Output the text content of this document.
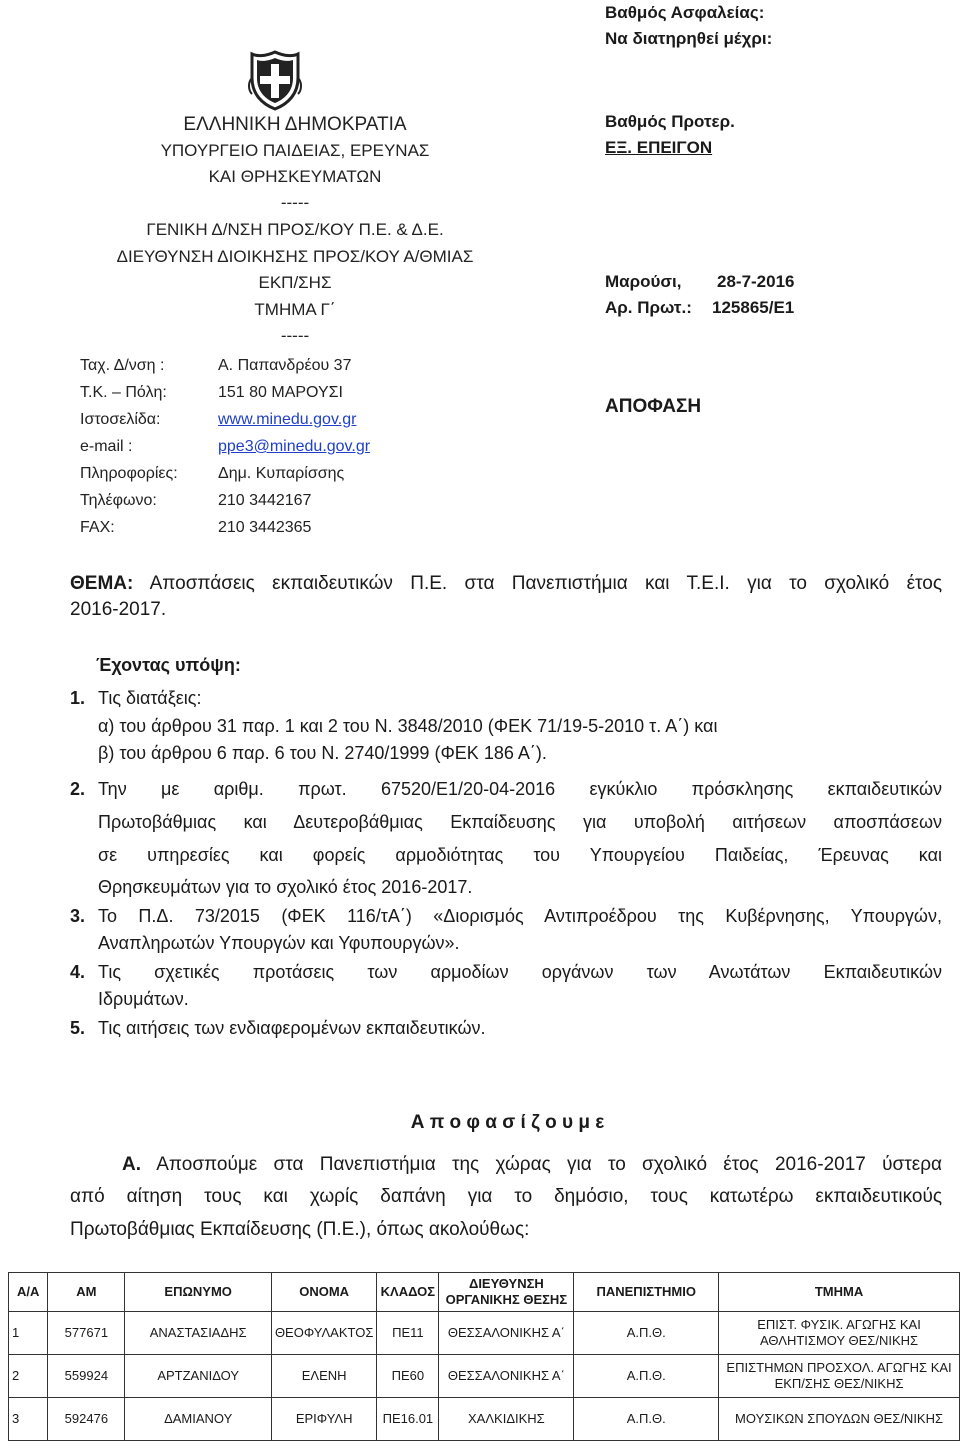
Βαθμός Ασφαλείας:
Να διατηρηθεί μέχρι:
ΕΛΛΗΝΙΚΗ ΔΗΜΟΚΡΑΤΙΑ
ΥΠΟΥΡΓΕΙΟ ΠΑΙΔΕΙΑΣ, ΕΡΕΥΝΑΣ
ΚΑΙ ΘΡΗΣΚΕΥΜΑΤΩΝ
-----
ΓΕΝΙΚΗ Δ/ΝΣΗ ΠΡΟΣ/ΚΟΥ Π.Ε. & Δ.Ε.
ΔΙΕΥΘΥΝΣΗ ΔΙΟΙΚΗΣΗΣ ΠΡΟΣ/ΚΟΥ Α/ΘΜΙΑΣ
ΕΚΠ/ΣΗΣ
ΤΜΗΜΑ Γ΄
-----
Ταχ. Δ/νση :	Α. Παπανδρέου 37
Τ.Κ. – Πόλη:	151 80 ΜΑΡΟΥΣΙ
Ιστοσελίδα:	www.minedu.gov.gr
e-mail :	ppe3@minedu.gov.gr
Πληροφορίες:	Δημ. Κυπαρίσσης
Τηλέφωνο:	210 3442167
FAX:	210 3442365
Βαθμός Προτερ.
ΕΞ. ΕΠΕΙΓΟΝ
Μαρούσι, 28-7-2016
Αρ. Πρωτ.: 125865/Ε1
ΑΠΟΦΑΣΗ
ΘΕΜΑ: Αποσπάσεις εκπαιδευτικών Π.Ε. στα Πανεπιστήμια και Τ.Ε.Ι. για το σχολικό έτος
2016-2017.
Έχοντας υπόψη:
1. Τις διατάξεις:
α) του άρθρου 31 παρ. 1 και 2 του Ν. 3848/2010 (ΦΕΚ 71/19-5-2010 τ. Α΄) και
β) του άρθρου 6 παρ. 6 του Ν. 2740/1999 (ΦΕΚ 186 Α΄).
2. Την με αριθμ. πρωτ. 67520/Ε1/20-04-2016 εγκύκλιο πρόσκλησης εκπαιδευτικών
Πρωτοβάθμιας και Δευτεροβάθμιας Εκπαίδευσης για υποβολή αιτήσεων αποσπάσεων
σε υπηρεσίες και φορείς αρμοδιότητας του Υπουργείου Παιδείας, Έρευνας και
Θρησκευμάτων για το σχολικό έτος 2016-2017.
3. Το Π.Δ. 73/2015 (ΦΕΚ 116/τΑ΄) «Διορισμός Αντιπροέδρου της Κυβέρνησης, Υπουργών,
Αναπληρωτών Υπουργών και Υφυπουργών».
4. Τις σχετικές προτάσεις των αρμοδίων οργάνων των Ανωτάτων Εκπαιδευτικών
Ιδρυμάτων.
5. Τις αιτήσεις των ενδιαφερομένων εκπαιδευτικών.
Α π ο φ α σ ί ζ ο υ μ ε
Α. Αποσπούμε στα Πανεπιστήμια της χώρας για το σχολικό έτος 2016-2017 ύστερα
από αίτηση τους και χωρίς δαπάνη για το δημόσιο, τους κατωτέρω εκπαιδευτικούς
Πρωτοβάθμιας Εκπαίδευσης (Π.Ε.), όπως ακολούθως:
Α/Α	ΑΜ	ΕΠΩΝΥΜΟ	ΟΝΟΜΑ	ΚΛΑΔΟΣ	ΔΙΕΥΘΥΝΣΗ ΟΡΓΑΝΙΚΗΣ ΘΕΣΗΣ	ΠΑΝΕΠΙΣΤΗΜΙΟ	ΤΜΗΜΑ
1	577671	ΑΝΑΣΤΑΣΙΑΔΗΣ	ΘΕΟΦΥΛΑΚΤΟΣ	ΠΕ11	ΘΕΣΣΑΛΟΝΙΚΗΣ Α΄	Α.Π.Θ.	ΕΠΙΣΤ. ΦΥΣΙΚ. ΑΓΩΓΗΣ ΚΑΙ ΑΘΛΗΤΙΣΜΟΥ ΘΕΣ/ΝΙΚΗΣ
2	559924	ΑΡΤΖΑΝΙΔΟΥ	ΕΛΕΝΗ	ΠΕ60	ΘΕΣΣΑΛΟΝΙΚΗΣ Α΄	Α.Π.Θ.	ΕΠΙΣΤΗΜΩΝ ΠΡΟΣΧΟΛ. ΑΓΩΓΗΣ ΚΑΙ ΕΚΠ/ΣΗΣ ΘΕΣ/ΝΙΚΗΣ
3	592476	ΔΑΜΙΑΝΟΥ	ΕΡΙΦΥΛΗ	ΠΕ16.01	ΧΑΛΚΙΔΙΚΗΣ	Α.Π.Θ.	ΜΟΥΣΙΚΩΝ ΣΠΟΥΔΩΝ ΘΕΣ/ΝΙΚΗΣ
